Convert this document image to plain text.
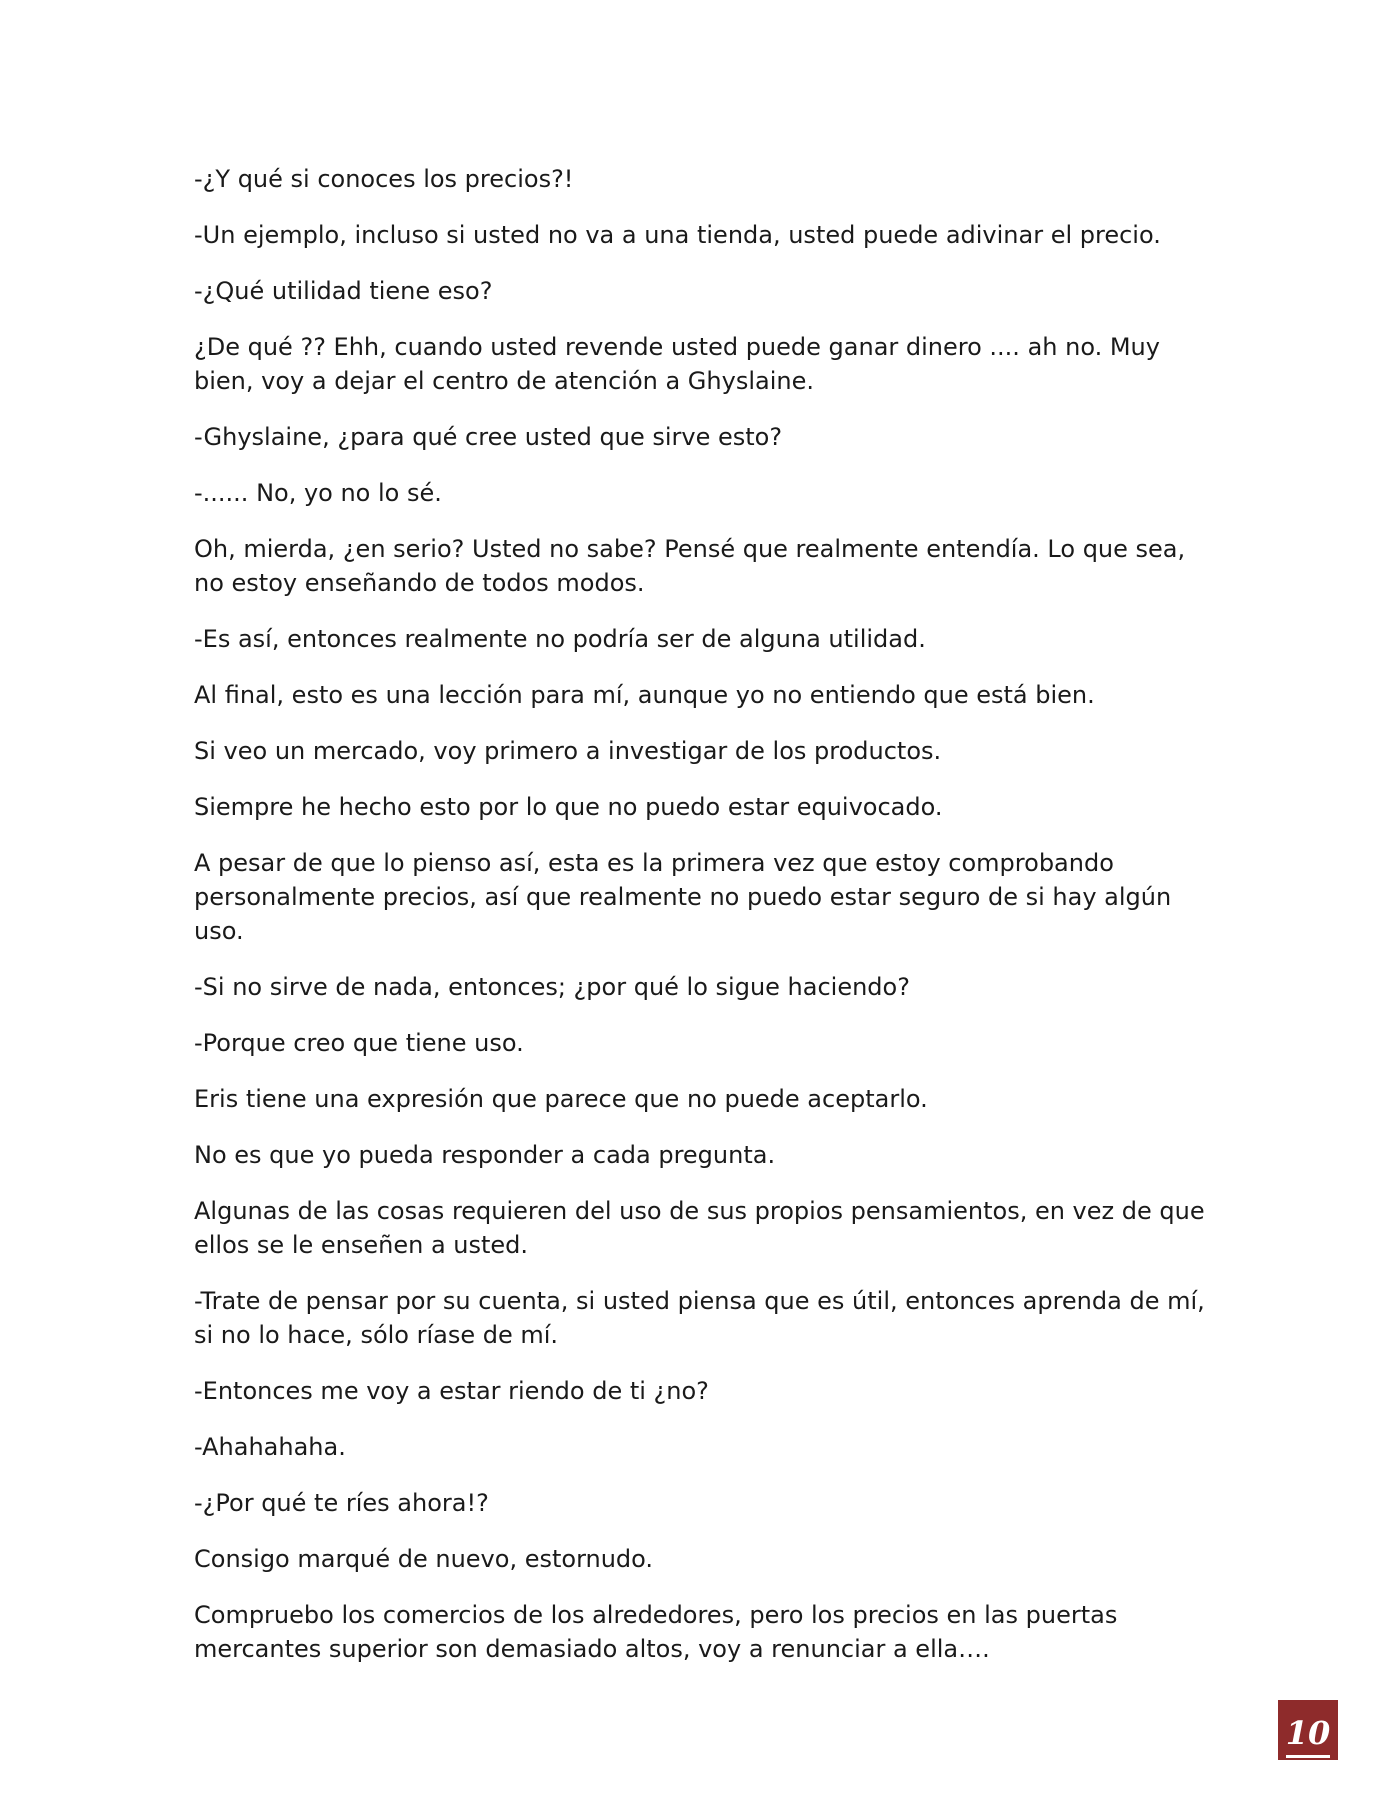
-¿Y qué si conoces los precios?!

-Un ejemplo, incluso si usted no va a una tienda, usted puede adivinar el precio.

-¿Qué utilidad tiene eso?

¿De qué ?? Ehh, cuando usted revende usted puede ganar dinero .... ah no. Muy bien, voy a dejar el centro de atención a Ghyslaine.

-Ghyslaine, ¿para qué cree usted que sirve esto?

-...... No, yo no lo sé.

Oh, mierda, ¿en serio? Usted no sabe? Pensé que realmente entendía. Lo que sea, no estoy enseñando de todos modos.

-Es así, entonces realmente no podría ser de alguna utilidad.

Al final, esto es una lección para mí, aunque yo no entiendo que está bien.

Si veo un mercado, voy primero a investigar de los productos.

Siempre he hecho esto por lo que no puedo estar equivocado.

A pesar de que lo pienso así, esta es la primera vez que estoy comprobando personalmente precios, así que realmente no puedo estar seguro de si hay algún uso.

-Si no sirve de nada, entonces; ¿por qué lo sigue haciendo?

-Porque creo que tiene uso.

Eris tiene una expresión que parece que no puede aceptarlo.

No es que yo pueda responder a cada pregunta.

Algunas de las cosas requieren del uso de sus propios pensamientos, en vez de que ellos se le enseñen a usted.

-Trate de pensar por su cuenta, si usted piensa que es útil, entonces aprenda de mí, si no lo hace, sólo ríase de mí.

-Entonces me voy a estar riendo de ti ¿no?

-Ahahahaha.

-¿Por qué te ríes ahora!?

Consigo marqué de nuevo, estornudo.

Compruebo los comercios de los alrededores, pero los precios en las puertas mercantes superior son demasiado altos, voy a renunciar a ella….

10
